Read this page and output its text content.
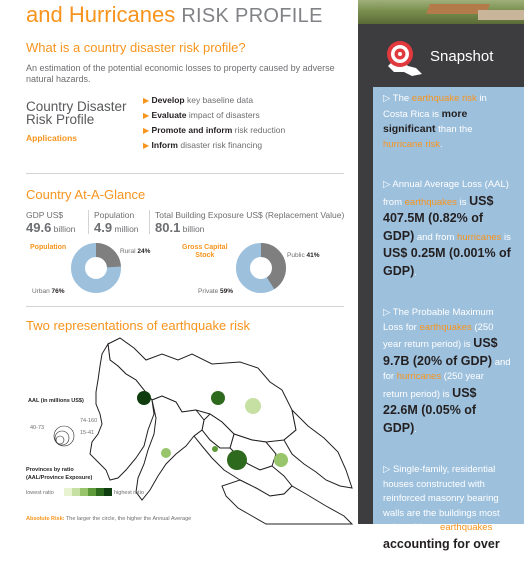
and Hurricanes RISK PROFILE
Snapshot

▷ The earthquake risk in Costa Rica is more significant than the hurricane risk.

▷ Annual Average Loss (AAL) from earthquakes is US$ 407.5M (0.82% of GDP) and from hurricanes is US$ 0.25M (0.001% of GDP).

▷ The Probable Maximum Loss for earthquakes (250 year return period) is US$ 9.7B (20% of GDP) and for hurricanes (250 year return period) is US$ 22.6M (0.05% of GDP).

▷ Single-family, residential houses constructed with reinforced masonry bearing walls are the buildings most vulnerable to earthquakes, accounting for over

What is a country disaster risk profile?
An estimation of the potential economic losses to property caused by adverse natural hazards.
Country Disaster
Risk Profile
Applications
▶ Develop key baseline data
▶ Evaluate impact of disasters
▶ Promote and inform risk reduction
▶ Inform disaster risk financing
Country At-A-Glance
GDP US$
49.6 billion
Population
4.9 million
Total Building Exposure US$ (Replacement Value)
80.1 billion
Population
Rural 24%
Urban 76%
Gross Capital
Stock	Public 41%
Private 59%
Two representations of earthquake risk
AAL (in millions US$)
74-160
40-73
15-41
Provinces by ratio
(AAL/Province Exposure)
lowest ratio	highest ratio
Absolute Risk: The larger the circle, the higher the Annual Average
